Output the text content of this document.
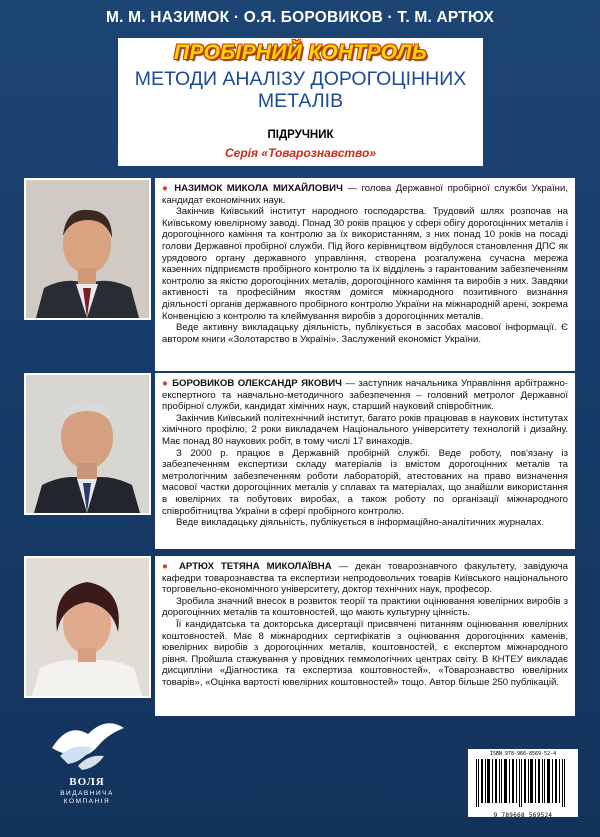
М. М. НАЗИМОК · О.Я. БОРОВИКОВ · Т. М. АРТЮХ
ПРОБІРНИЙ КОНТРОЛЬ
МЕТОДИ АНАЛІЗУ ДОРОГОЦІННИХ
МЕТАЛІВ
ПІДРУЧНИК
Серія «Товарознавство»

● НАЗИМОК МИКОЛА МИХАЙЛОВИЧ — голова Державної пробірної служби України, кандидат економічних наук.

Закінчив Київський інститут народного господарства. Трудовий шлях розпочав на Київському ювелірному заводі. Понад 30 років працює у сфері обігу дорогоцінних металів і дорогоцінного каміння та контролю за їх використанням, з них понад 10 років на посаді голови Державної пробірної служби. Під його керівництвом відбулося становлення ДПС як урядового органу державного управління, створена розгалужена сучасна мережа казенних підприємств пробірного контролю та їх відділень з гарантованим забезпеченням контролю за якістю дорогоцінних металів, дорогоцінного каміння та виробів з них. Завдяки активності та професійним якостям домігся міжнародного позитивного визнання діяльності органів державного пробірного контролю України на міжнародній арені, зокрема Конвенцією з контролю та клеймування виробів з дорогоцінних металів.

Веде активну викладацьку діяльність, публікується в засобах масової інформації. Є автором книги «Золотарство в Україні». Заслужений економіст України.

● БОРОВИКОВ ОЛЕКСАНДР ЯКОВИЧ — заступник начальника Управління арбітражно-експертного та навчально-методичного забезпечення – головний метролог Державної пробірної служби, кандидат хімічних наук, старший науковий співробітник.

Закінчив Київський політехнічний інститут, багато років працював в наукових інститутах хімічного профілю, 2 роки викладачем Національного університету технологій і дизайну. Має понад 80 наукових робіт, в тому числі 17 винаходів.

З 2000 р. працює в Державній пробірній службі. Веде роботу, пов'язану із забезпеченням експертизи складу матеріалів із вмістом дорогоцінних металів та метрологічним забезпеченням роботи лабораторій, атестованих на право визначення масової частки дорогоцінних металів у сплавах та матеріалах, що знайшли використання в ювелірних та побутових виробах, а також роботу по організації міжнародного співробітництва України в сфері пробірного контролю.

Веде викладацьку діяльність, публікується в інформаційно-аналітичних журналах.

● АРТЮХ ТЕТЯНА МИКОЛАЇВНА — декан товарознавчого факультету, завідуюча кафедри товарознавства та експертизи непродовольчих товарів Київського національного торговельно-економічного університету, доктор технічних наук, професор.

Зробила значний внесок в розвиток теорії та практики оцінювання ювелірних виробів з дорогоцінних металів та коштовностей, що мають культурну цінність.

Її кандидатська та докторська дисертації присвячені питанням оцінювання ювелірних коштовностей. Має 8 міжнародних сертифікатів з оцінювання дорогоцінних каменів, ювелірних виробів з дорогоцінних металів, коштовностей, є експертом міжнародного рівня. Пройшла стажування у провідних геммологічних центрах світу. В КНТЕУ викладає дисципліни «Діагностика та експертиза коштовностей», «Товарознавство ювелірних товарів», «Оцінка вартості ювелірних коштовностей» тощо. Автор більше 250 публікацій.

ВОЛЯ
ВИДАВНИЧА
КОМПАНІЯ
ISBN 978-966-8569-52-4
9 789668 569524
